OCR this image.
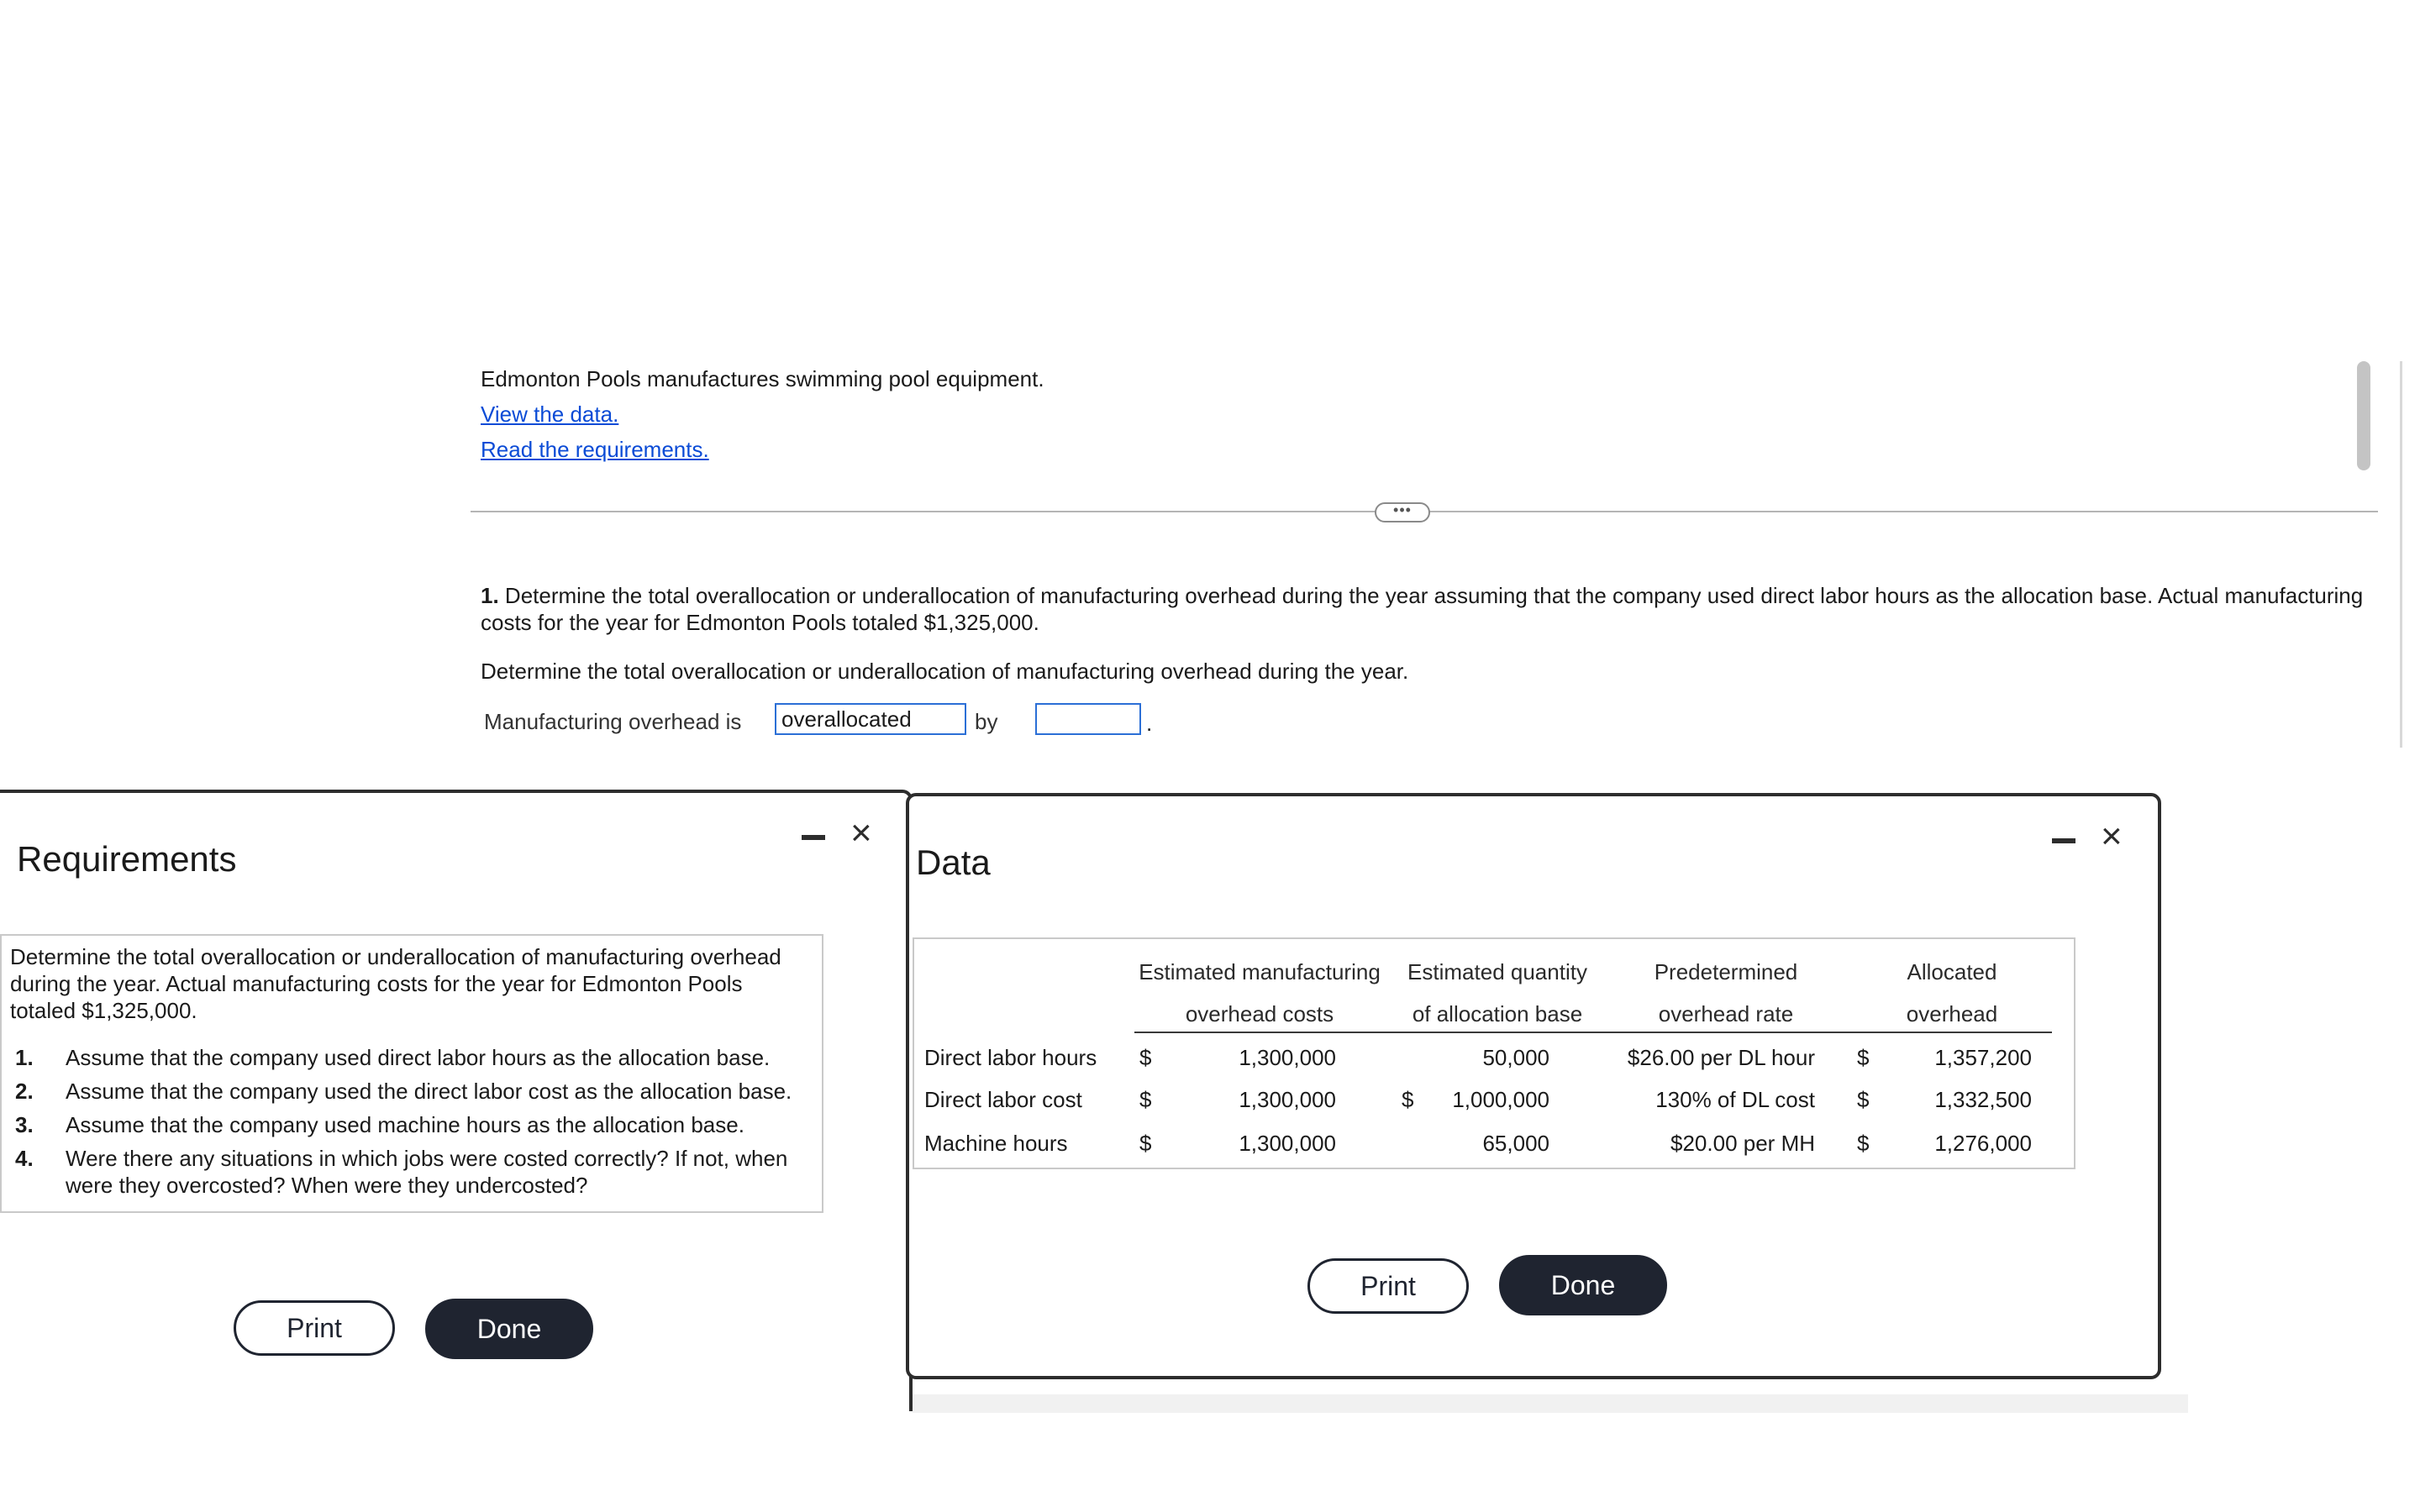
Edmonton Pools manufactures swimming pool equipment.
View the data.
Read the requirements.
•••
1. Determine the total overallocation or underallocation of manufacturing overhead during the year assuming that the company used direct labor hours as the allocation base. Actual manufacturing
costs for the year for Edmonton Pools totaled $1,325,000.
Determine the total overallocation or underallocation of manufacturing overhead during the year.
Manufacturing overhead is	overallocated	by	.
Requirements
×
Determine the total overallocation or underallocation of manufacturing overhead
during the year. Actual manufacturing costs for the year for Edmonton Pools
totaled $1,325,000.
1. Assume that the company used direct labor hours as the allocation base.
2. Assume that the company used the direct labor cost as the allocation base.
3. Assume that the company used machine hours as the allocation base.
4. Were there any situations in which jobs were costed correctly? If not, when
were they overcosted? When were they undercosted?
Print	Done
Data
×
Estimated manufacturing
overhead costs
Estimated quantity
of allocation base
Predetermined
overhead rate
Allocated
overhead
Direct labor hours $	1,300,000	50,000	$26.00 per DL hour $	1,357,200
Direct labor cost	$	1,300,000	$	1,000,000	130% of DL cost $	1,332,500
Machine hours	$	1,300,000	65,000	$20.00 per MH $	1,276,000
Print	Done
